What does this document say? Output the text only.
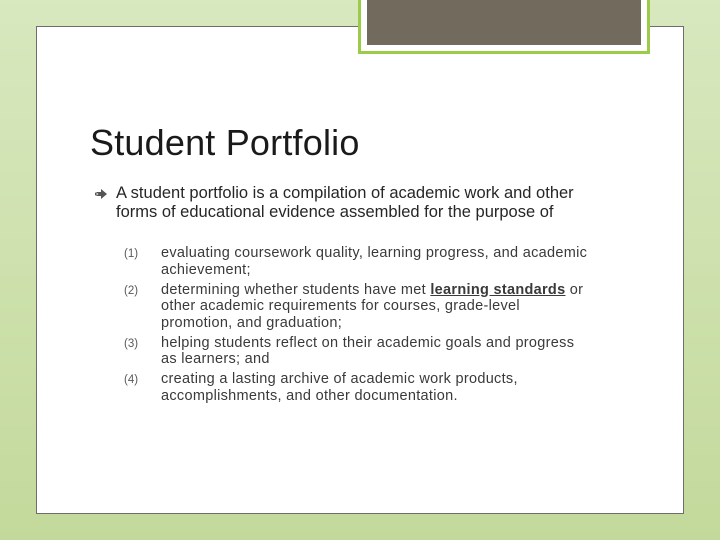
Student Portfolio
A student portfolio is a compilation of academic work and other forms of educational evidence assembled for the purpose of
(1) evaluating coursework quality, learning progress, and academic achievement;
(2) determining whether students have met learning standards or other academic requirements for courses, grade-level promotion, and graduation;
(3) helping students reflect on their academic goals and progress as learners; and
(4) creating a lasting archive of academic work products, accomplishments, and other documentation.
